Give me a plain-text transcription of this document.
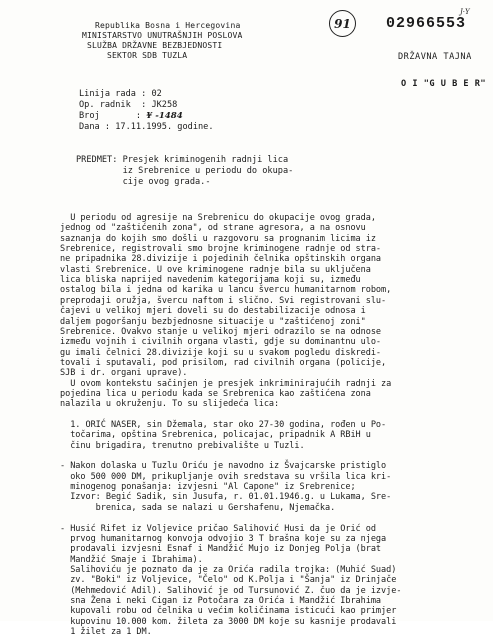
Republika Bosna i Hercegovina
MINISTARSTVO UNUTRAŠNJIH POSLOVA
SLUŽBA DRŽAVNE BEZBJEDNOSTI
SEKTOR SDB TUZLA
91
J·Y
02966553
DRŽAVNA TAJNA
O I "G U B E R"
Linija rada : 02
Op. radnik  : JK258
Broj       : ¥ -1484
Dana : 17.11.1995. godine.
PREDMET: Presjek kriminogenih radnji lica
iz Srebrenice u periodu do okupa-
cije ovog grada.-
U periodu od agresije na Srebrenicu do okupacije ovog grada,
jednog od "zaštićenih zona", od strane agresora, a na osnovu
saznanja do kojih smo došli u razgovoru sa prognanim licima iz
Srebrenice, registrovali smo brojne kriminogene radnje od stra-
ne pripadnika 28.divizije i pojedinih čelnika opštinskih organa
vlasti Srebrenice. U ove kriminogene radnje bila su uključena
lica bliska naprijed navedenim kategorijama koji su, između
ostalog bila i jedna od karika u lancu švercu humanitarnom robom,
preprodaji oružja, švercu naftom i slično. Svi registrovani slu-
čajevi u velikoj mjeri doveli su do destabilizacije odnosa i
daljem pogoršanju bezbjednosne situacije u "zaštićenoj zoni"
Srebrenice. Ovakvo stanje u velikoj mjeri odrazilo se na odnose
između vojnih i civilnih organa vlasti, gdje su dominantnu ulo-
gu imali čelnici 28.divizije koji su u svakom pogledu diskredi-
tovali i sputavali, pod prisilom, rad civilnih organa (policije,
SJB i dr. organi uprave).
U ovom kontekstu sačinjen je presjek inkriminirajućih radnji za
pojedina lica u periodu kada se Srebrenica kao zaštićena zona
nalazila u okruženju. To su slijedeća lica:
1. ORIĆ NASER, sin Džemala, star oko 27-30 godina, rođen u Po-
točarima, opština Srebrenica, policajac, pripadnik A RBiH u
činu brigadira, trenutno prebivalište u Tuzli.
- Nakon dolaska u Tuzlu Oriću je navodno iz Švajcarske pristiglo
oko 500 000 DM, prikupljanje ovih sredstava su vršila lica kri-
minogenog ponašanja: izvjesni "Al Capone" iz Srebrenice;
Izvor: Begić Sadik, sin Jusufa, r. 01.01.1946.g. u Lukama, Sre-
brenica, sada se nalazi u Gershafenu, Njemačka.
- Husić Rifet iz Voljevice pričao Salihović Husi da je Orić od
prvog humanitarnog konvoja odvojio 3 T brašna koje su za njega
prodavali izvjesni Esnaf i Mandžić Mujo iz Donjeg Polja (brat
Mandžić Smaje i Ibrahima).
Salihoviću je poznato da je za Orića radila trojka: (Muhić Suad)
zv. "Boki" iz Voljevice, "Čelo" od K.Polja i "Šanja" iz Drinjače
(Mehmedović Adil). Salihović je od Tursunović Z. čuo da je izvje-
sna Žena i neki Cigan iz Potočara za Orića i Mandžić Ibrahima
kupovali robu od čelnika u većim količinama isticući kao primjer
kupovinu 10.000 kom. žileta za 3000 DM koje su kasnije prodavali
1 žilet za 1 DM.
